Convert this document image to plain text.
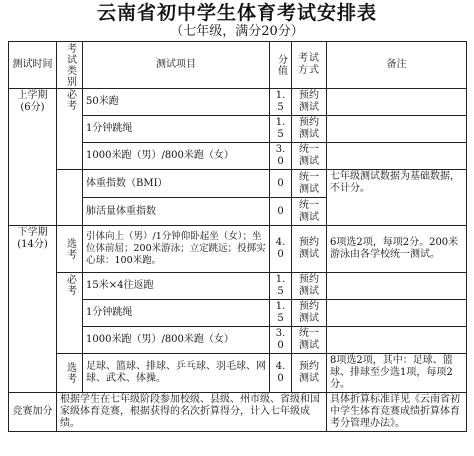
云南省初中学生体育考试安排表
（七年级，满分20分）
测试时间	考试类别	测试项目	分值	考试方式	备注
上学期
(6分)	必考	50米跑	1.5	预约测试	
		1分钟跳绳	1.5	预约测试	
		1000米跑（男）/800米跑（女）	3.0	统一测试	
		体重指数（BMI）	0	统一测试	七年级测试数据为基础数据，不计分。
		肺活量体重指数	0	统一测试	
下学期
(14分)	选考	引体向上（男）/1分钟仰卧起坐（女）；坐位体前屈；200米游泳；立定跳远；投掷实心球：100米跑。	4.0	预约测试	6项选2项，每项2分。200米游泳由各学校统一测试。

	必考	15米×4往返跑	1.5	预约测试	
		1分钟跳绳	1.5	预约测试	
		1000米跑（男）/800米跑（女）	3.0	统一测试	

	选考	足球、篮球、排球、乒乓球、羽毛球、网球、武术、体操。	4.0	预约测试	8项选2项，其中：足球、篮球、排球至少选1项，每项2分。
竞赛加分	根据学生在七年级阶段参加校级、县级、州市级、省级和国家级体育竞赛，根据获得的名次折算得分，计入七年级成绩。				具体折算标准详见《云南省初中学生体育竞赛成绩折算体育考分管理办法》。
